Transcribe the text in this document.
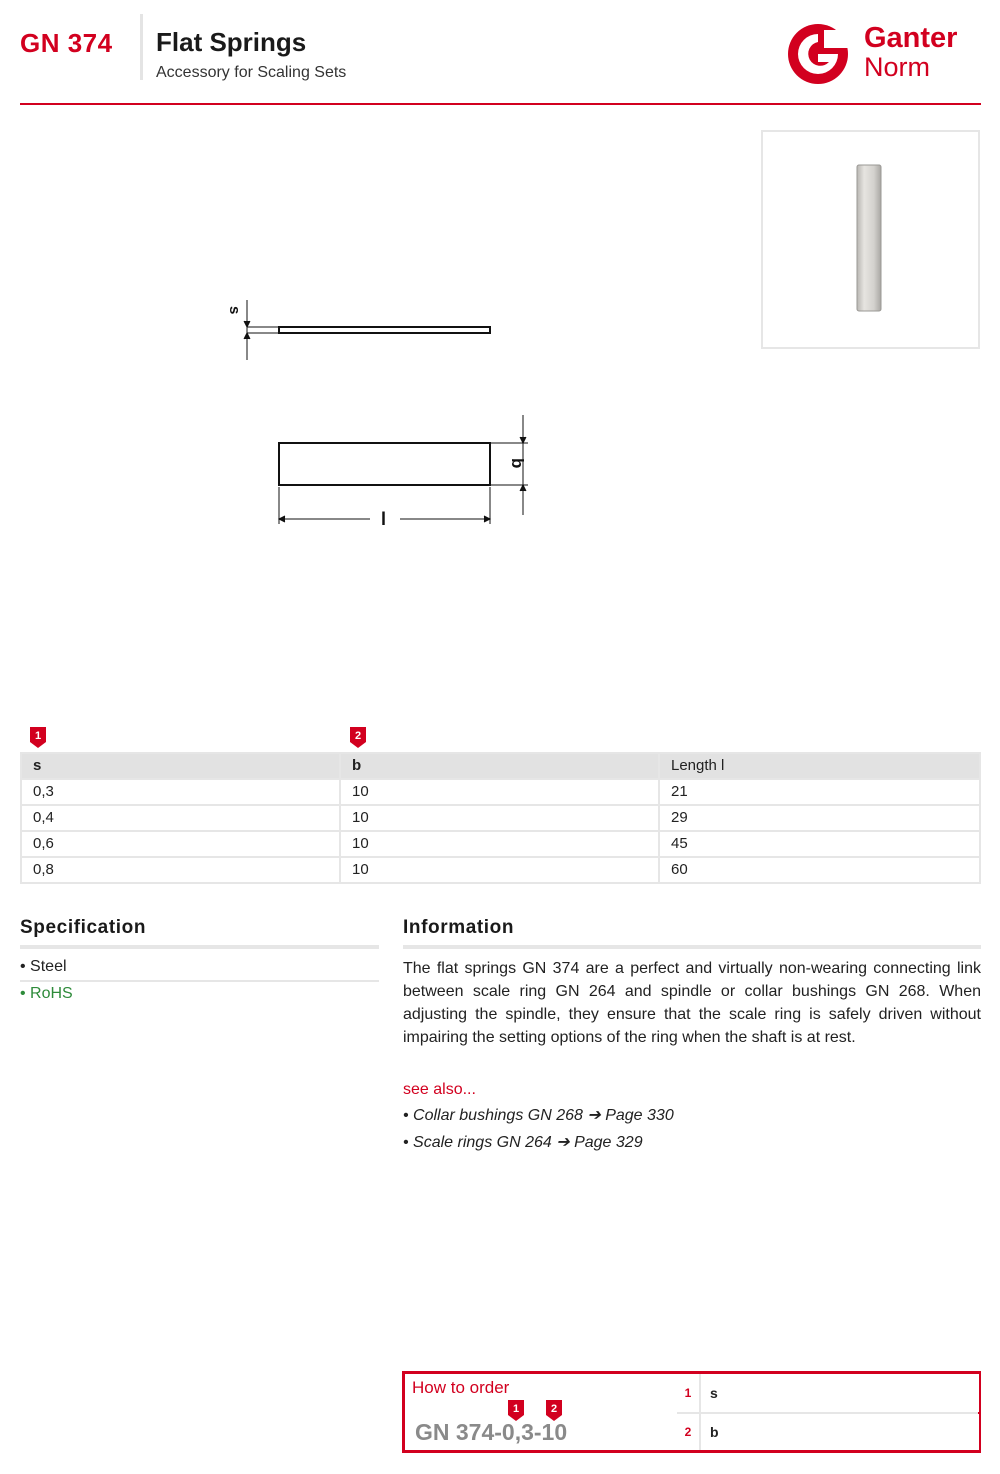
GN 374 Flat Springs
Accessory for Scaling Sets
Ganter
Norm
s
b
l
1	2
s	b	Length l
0,3	10	21
0,4	10	29
0,6	10	45
0,8	10	60
Specification
• Steel
• RoHS
Information
The flat springs GN 374 are a perfect and virtually non-wearing connecting link between scale ring GN 264 and spindle or collar bushings GN 268. When adjusting the spindle, they ensure that the scale ring is safely driven without impairing the setting options of the ring when the shaft is at rest.
see also...
• Collar bushings GN 268 ➔ Page 330
• Scale rings GN 264 ➔ Page 329
How to order
1	2
GN 374-0,3-10
1	s
2	b
